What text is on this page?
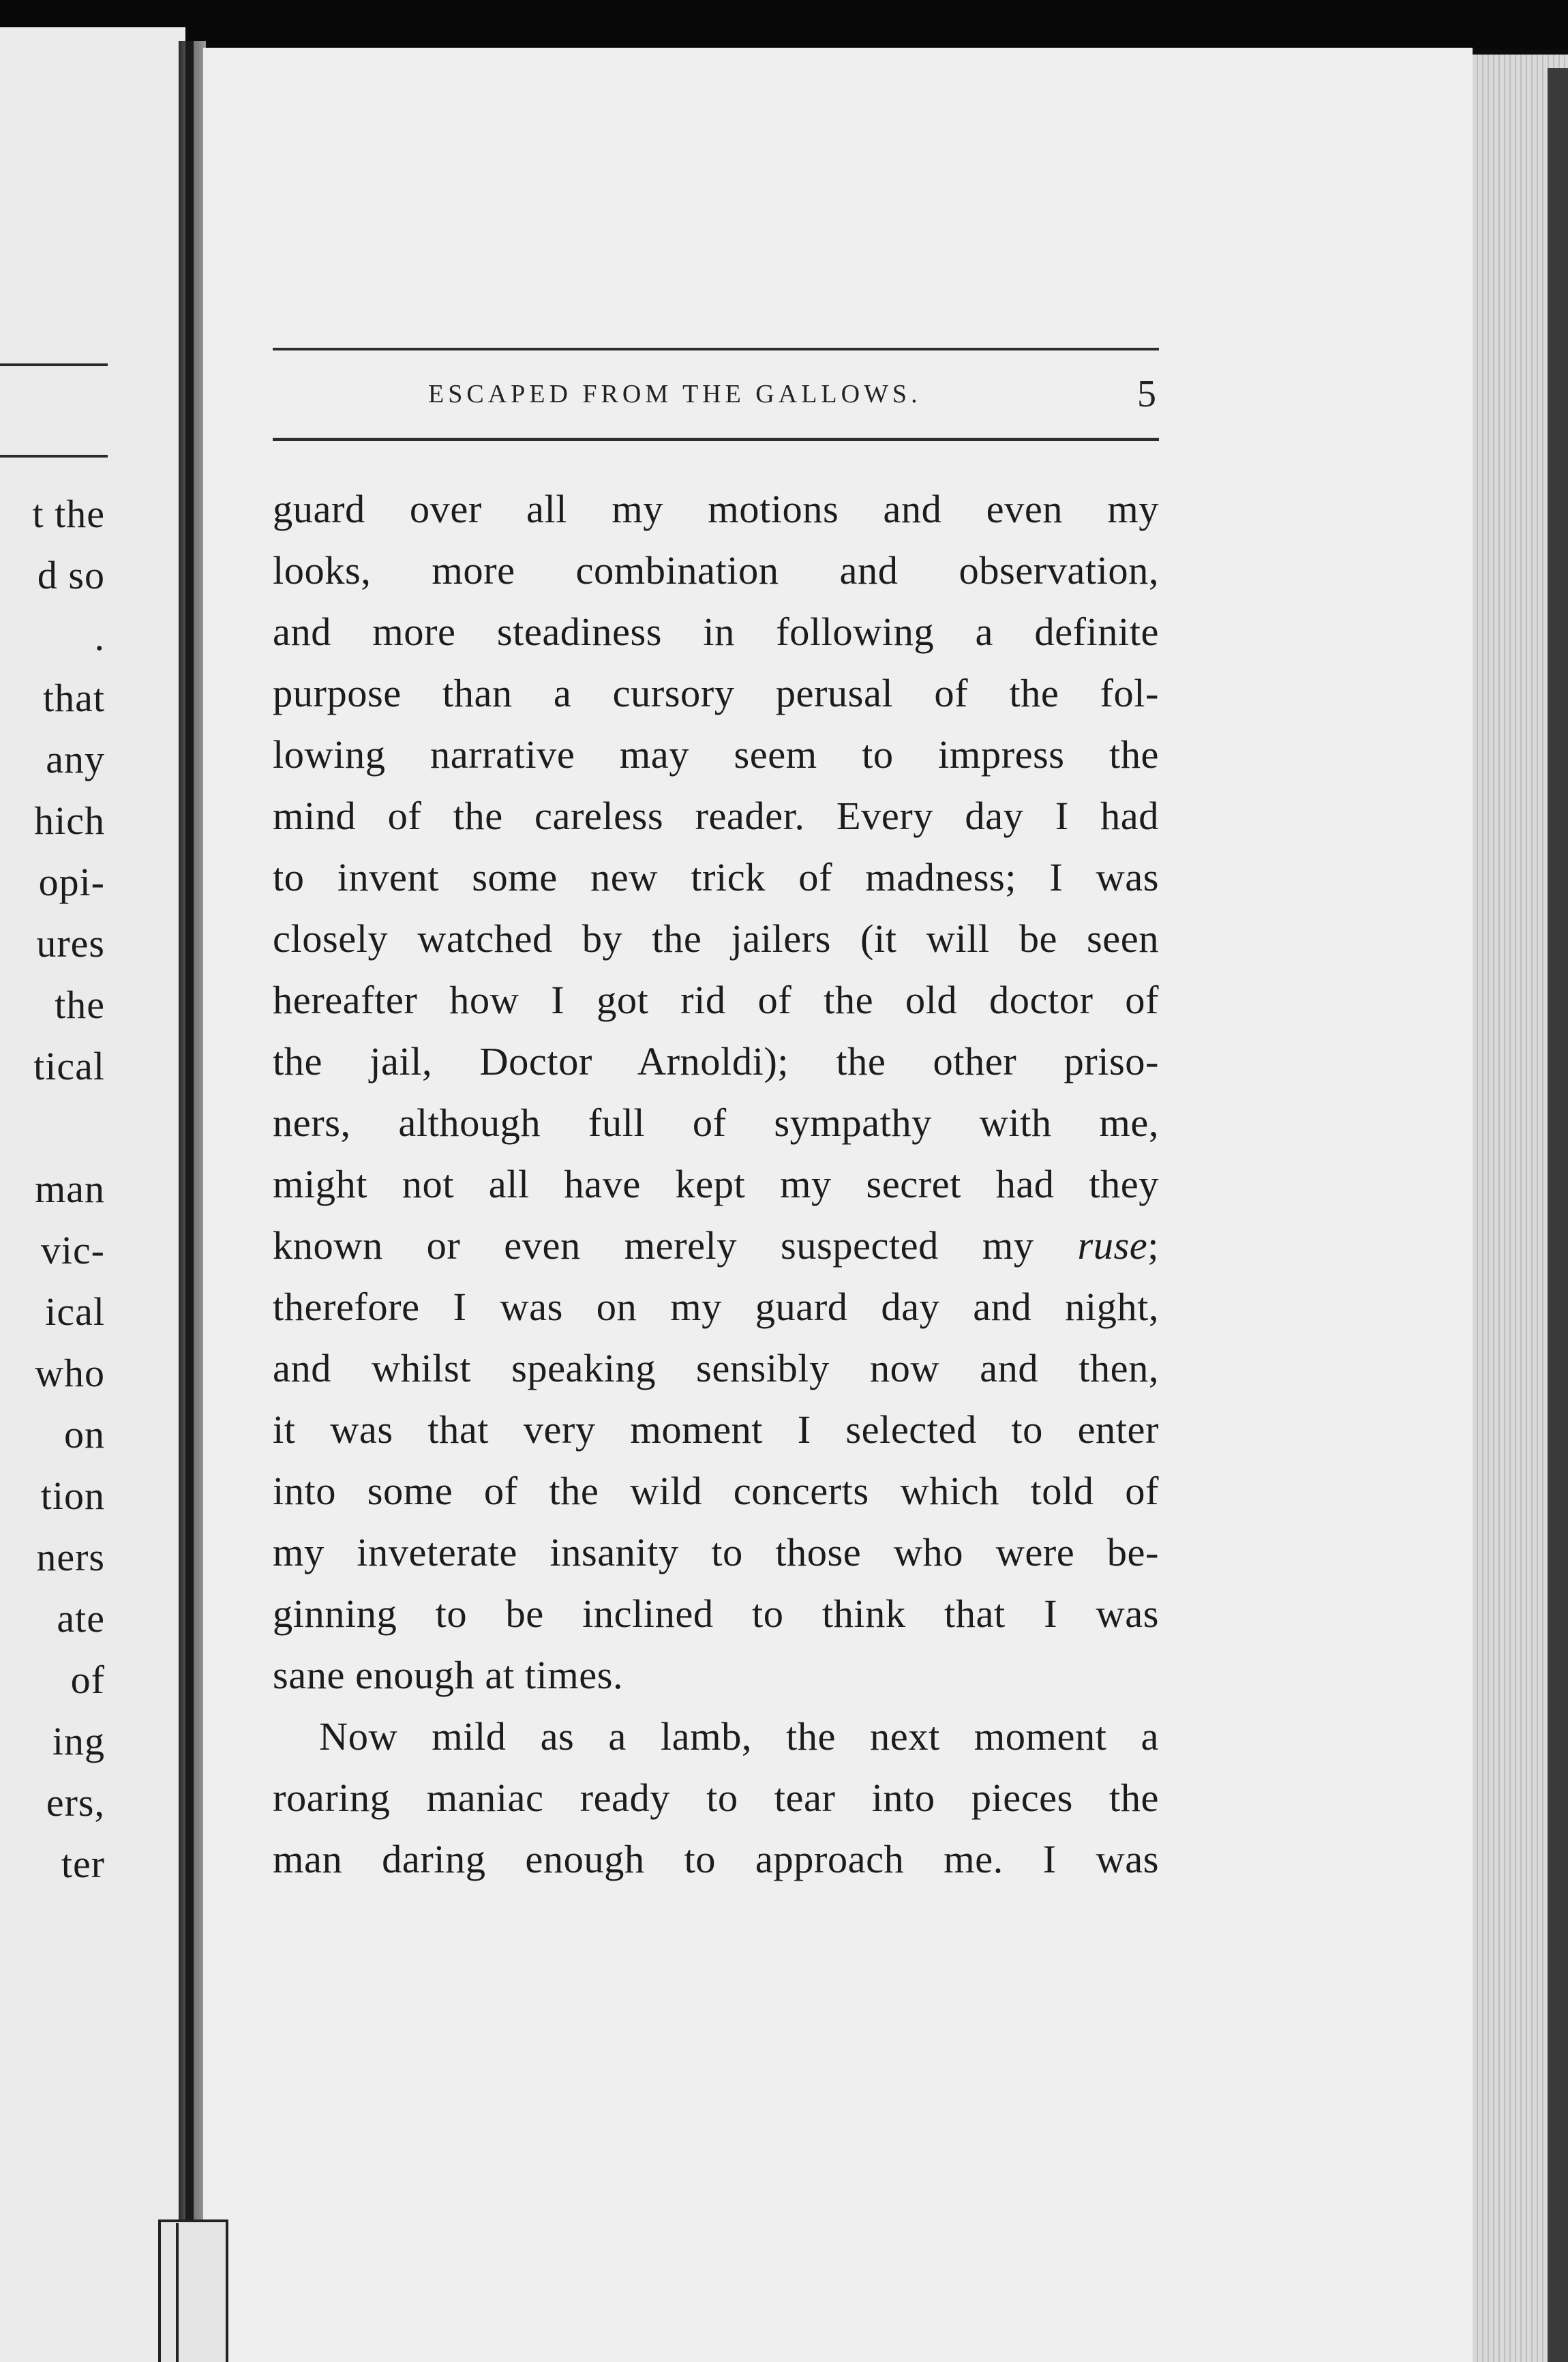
t the
d so
.
that
any
hich
opi-
ures
the
tical
man
vic-
ical
who
on
tion
ners
ate
of
ing
ers,
ter
ESCAPED FROM THE GALLOWS.	5
guard over all my motions and even my
looks, more combination and observation,
and more steadiness in following a definite
purpose than a cursory perusal of the fol-
lowing narrative may seem to impress the
mind of the careless reader. Every day I had
to invent some new trick of madness; I was
closely watched by the jailers (it will be seen
hereafter how I got rid of the old doctor of
the jail, Doctor Arnoldi); the other priso-
ners, although full of sympathy with me,
might not all have kept my secret had they
known or even merely suspected my ruse;
therefore I was on my guard day and night,
and whilst speaking sensibly now and then,
it was that very moment I selected to enter
into some of the wild concerts which told of
my inveterate insanity to those who were be-
ginning to be inclined to think that I was
sane enough at times.
Now mild as a lamb, the next moment a
roaring maniac ready to tear into pieces the
man daring enough to approach me. I was
